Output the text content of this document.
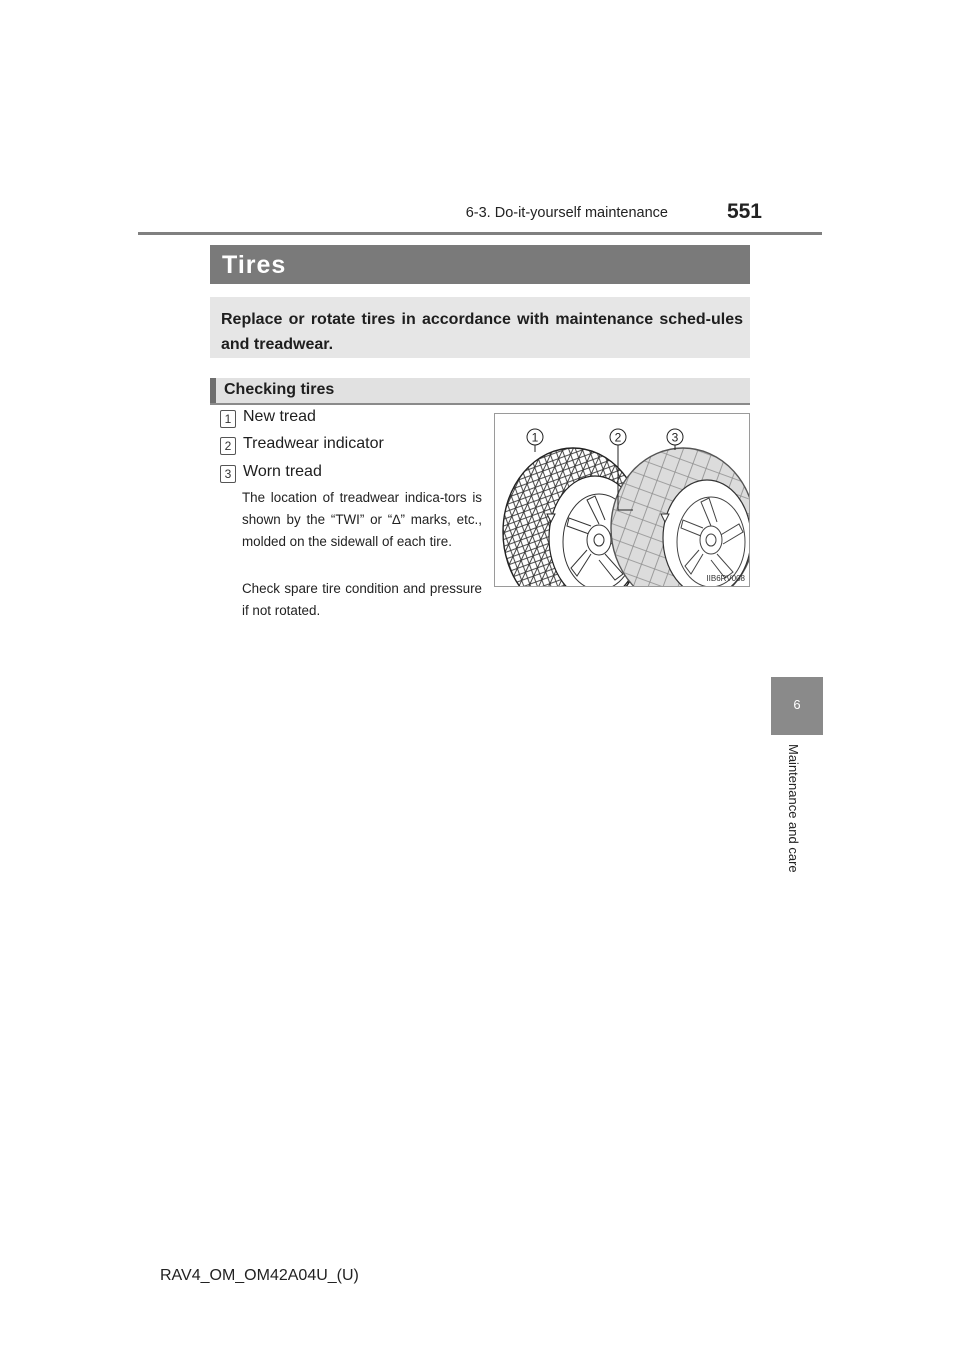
6-3. Do-it-yourself maintenance	551
Tires
Replace or rotate tires in accordance with maintenance sched-ules and treadwear.
Checking tires
1 New tread
2 Treadwear indicator
3 Worn tread
The location of treadwear indica-tors is shown by the “TWI” or “∆” marks, etc., molded on the sidewall of each tire.
Check spare tire condition and pressure if not rotated.
1	2	3
IIB6RV008
6
Maintenance and care
RAV4_OM_OM42A04U_(U)
